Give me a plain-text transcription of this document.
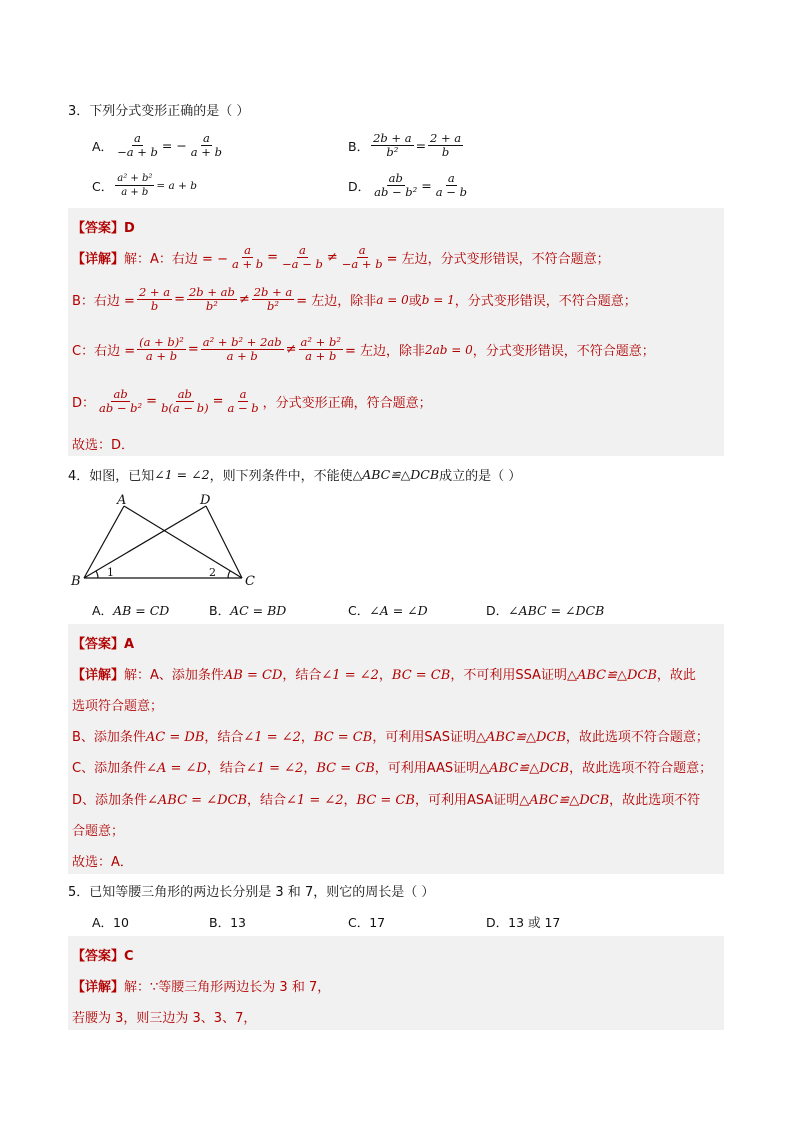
3．下列分式变形正确的是（ ）
A． $\frac{a}{-a + b}$ = − $\frac{a}{a + b}$	B． $\frac{2b + a}{\text{b²}} = \frac{2 + a}{b}$
C． $\frac{\text{a² + b²}}{a + b} = a + b$	D． $\frac{ab}{\text{ab − b²}} = \frac{a}{a - b}$
【答案】D
【详解】 解：A：右边 = − $\frac{a}{a + b} = \frac{a}{-a - b} \ne \frac{a}{-a + b}$ = 左边，分式变形错误，不符合题意；
B：右边 = $\frac{2 + a}{b} = \frac{2b + ab}{\text{b²}} \ne \frac{2b + a}{\text{b²}}$ = 左边，除非 a = 0 或 b = 1 ，分式变形错误，不符合题意；
C：右边 = $\frac{\text{(a + b)²}}{a + b} = \frac{\text{a² + b² + 2ab}}{a + b} \ne \frac{\text{a² + b²}}{a + b}$ = 左边，除非 2ab = 0 ，分式变形错误，不符合题意；
D： $\frac{ab}{\text{ab − b²}} = \frac{ab}{b(a - b)} = \frac{a}{a - b}$ ，分式变形正确，符合题意；
故选：D．
4．如图，已知 ∠1 = ∠2 ，则下列条件中，不能使 △ABC≌△DCB 成立的是（ ）
A	D
B	C
1	2
A．AB = CD	B．AC = BD	C．∠A = ∠D	D．∠ABC = ∠DCB
【答案】A
【详解】解：A、添加条件AB = CD，结合∠1 = ∠2，BC = CB，不可利用SSA证明△ABC≌△DCB，故此
选项符合题意；
B、添加条件AC = DB，结合∠1 = ∠2，BC = CB，可利用SAS证明△ABC≌△DCB，故此选项不符合题意；
C、添加条件∠A = ∠D，结合∠1 = ∠2，BC = CB，可利用AAS证明△ABC≌△DCB，故此选项不符合题意；
D、添加条件∠ABC = ∠DCB，结合∠1 = ∠2，BC = CB，可利用ASA证明△ABC≌△DCB，故此选项不符
合题意；
故选：A．
5．已知等腰三角形的两边长分别是 3 和 7，则它的周长是（ ）
A．10	B．13	C．17	D．13 或 17
【答案】C
【详解】解：∵等腰三角形两边长为 3 和 7，
若腰为 3，则三边为 3、3、7，
